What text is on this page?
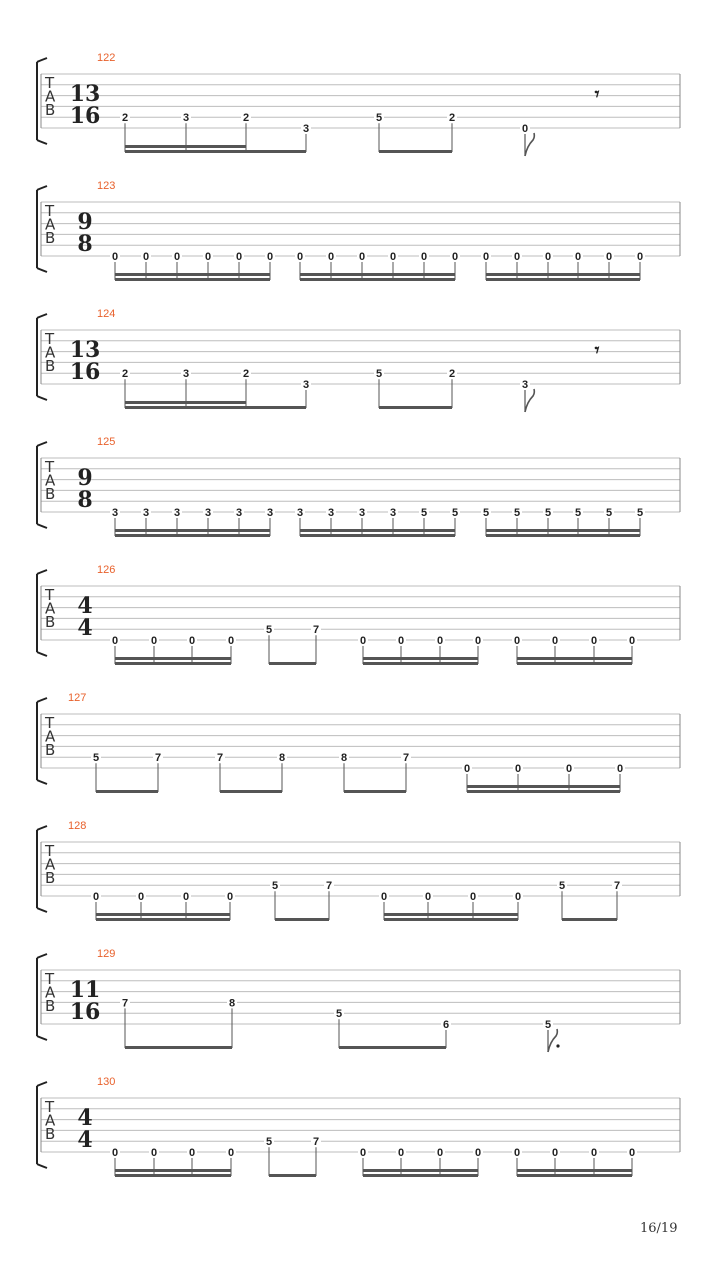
T
A
B
122
13
16
𝄾
2	3	2
3
5	2
0
T
A
B
123
9
8 0 0 0 0 0 0 0 0 0 0 0 0 0 0 0 0 0 0
T
A
B
124
13
16
𝄾
2	3	2
3
5	2
3
T
A
B
125
9
8 3 3 3 3 3 3 3 3 3 3 5 5 5 5 5 5 5 5
T
A
B
126
4
4 0	0	0	0
5	7
0	0	0	0	0	0	0	0
T
A
B
127
5	7	7	8	8	7
0	0	0	0
T
A
B
128
0	0	0	0
5	7
0	0	0	0
5	7
T
A
B
129
11
16 7	8
5
6	5
T
A
B
130
4
4 0	0	0	0
5	7
0	0	0	0	0	0	0	0
16/19
